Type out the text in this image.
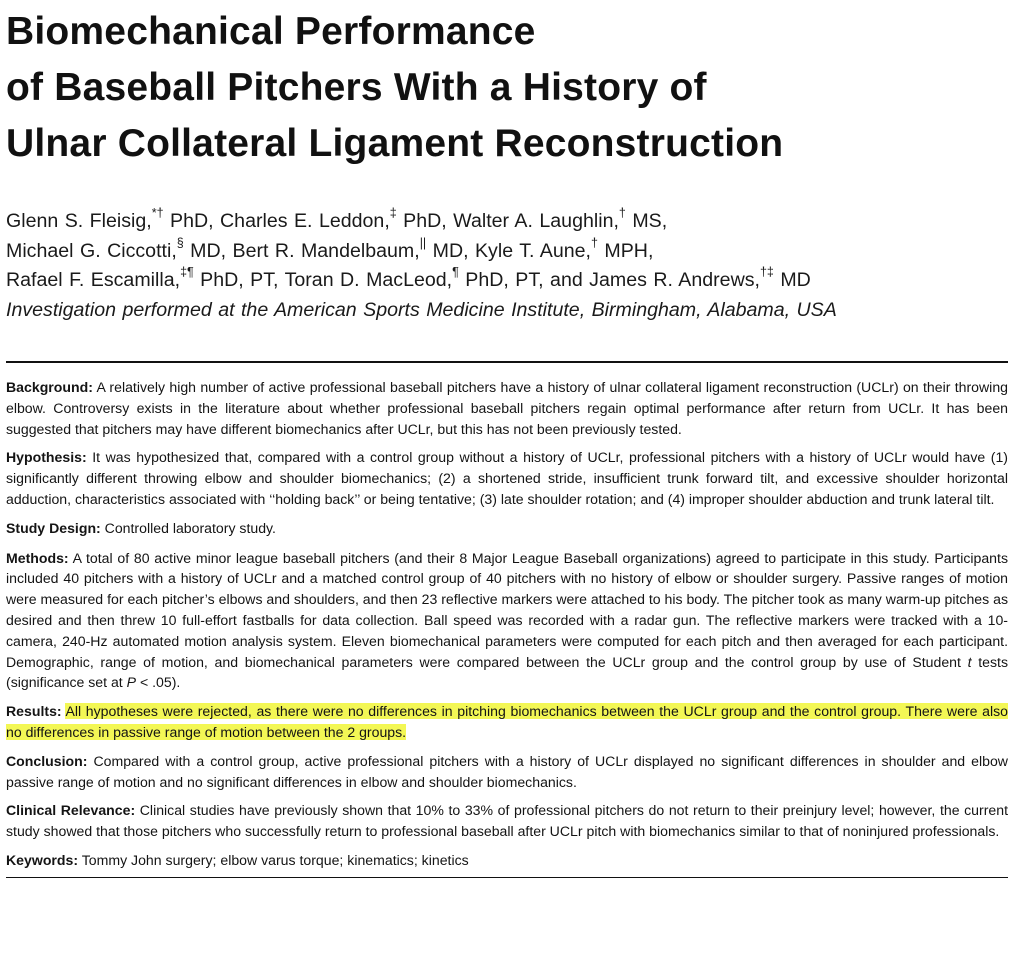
Biomechanical Performance
of Baseball Pitchers With a History of
Ulnar Collateral Ligament Reconstruction
Glenn S. Fleisig,*† PhD, Charles E. Leddon,‡ PhD, Walter A. Laughlin,† MS,
Michael G. Ciccotti,§ MD, Bert R. Mandelbaum,|| MD, Kyle T. Aune,† MPH,
Rafael F. Escamilla,‡¶ PhD, PT, Toran D. MacLeod,¶ PhD, PT, and James R. Andrews,†‡ MD
Investigation performed at the American Sports Medicine Institute, Birmingham, Alabama, USA

Background: A relatively high number of active professional baseball pitchers have a history of ulnar collateral ligament reconstruction (UCLr) on their throwing elbow. Controversy exists in the literature about whether professional baseball pitchers regain optimal performance after return from UCLr. It has been suggested that pitchers may have different biomechanics after UCLr, but this has not been previously tested.

Hypothesis: It was hypothesized that, compared with a control group without a history of UCLr, professional pitchers with a history of UCLr would have (1) significantly different throwing elbow and shoulder biomechanics; (2) a shortened stride, insufficient trunk forward tilt, and excessive shoulder horizontal adduction, characteristics associated with ‘‘holding back’’ or being tentative; (3) late shoulder rotation; and (4) improper shoulder abduction and trunk lateral tilt.

Study Design: Controlled laboratory study.

Methods: A total of 80 active minor league baseball pitchers (and their 8 Major League Baseball organizations) agreed to participate in this study. Participants included 40 pitchers with a history of UCLr and a matched control group of 40 pitchers with no history of elbow or shoulder surgery. Passive ranges of motion were measured for each pitcher’s elbows and shoulders, and then 23 reflective markers were attached to his body. The pitcher took as many warm-up pitches as desired and then threw 10 full-effort fastballs for data collection. Ball speed was recorded with a radar gun. The reflective markers were tracked with a 10-camera, 240-Hz automated motion analysis system. Eleven biomechanical parameters were computed for each pitch and then averaged for each participant. Demographic, range of motion, and biomechanical parameters were compared between the UCLr group and the control group by use of Student t tests (significance set at P < .05).

Results: All hypotheses were rejected, as there were no differences in pitching biomechanics between the UCLr group and the control group. There were also no differences in passive range of motion between the 2 groups.

Conclusion: Compared with a control group, active professional pitchers with a history of UCLr displayed no significant differences in shoulder and elbow passive range of motion and no significant differences in elbow and shoulder biomechanics.

Clinical Relevance: Clinical studies have previously shown that 10% to 33% of professional pitchers do not return to their preinjury level; however, the current study showed that those pitchers who successfully return to professional baseball after UCLr pitch with biomechanics similar to that of noninjured professionals.

Keywords: Tommy John surgery; elbow varus torque; kinematics; kinetics
